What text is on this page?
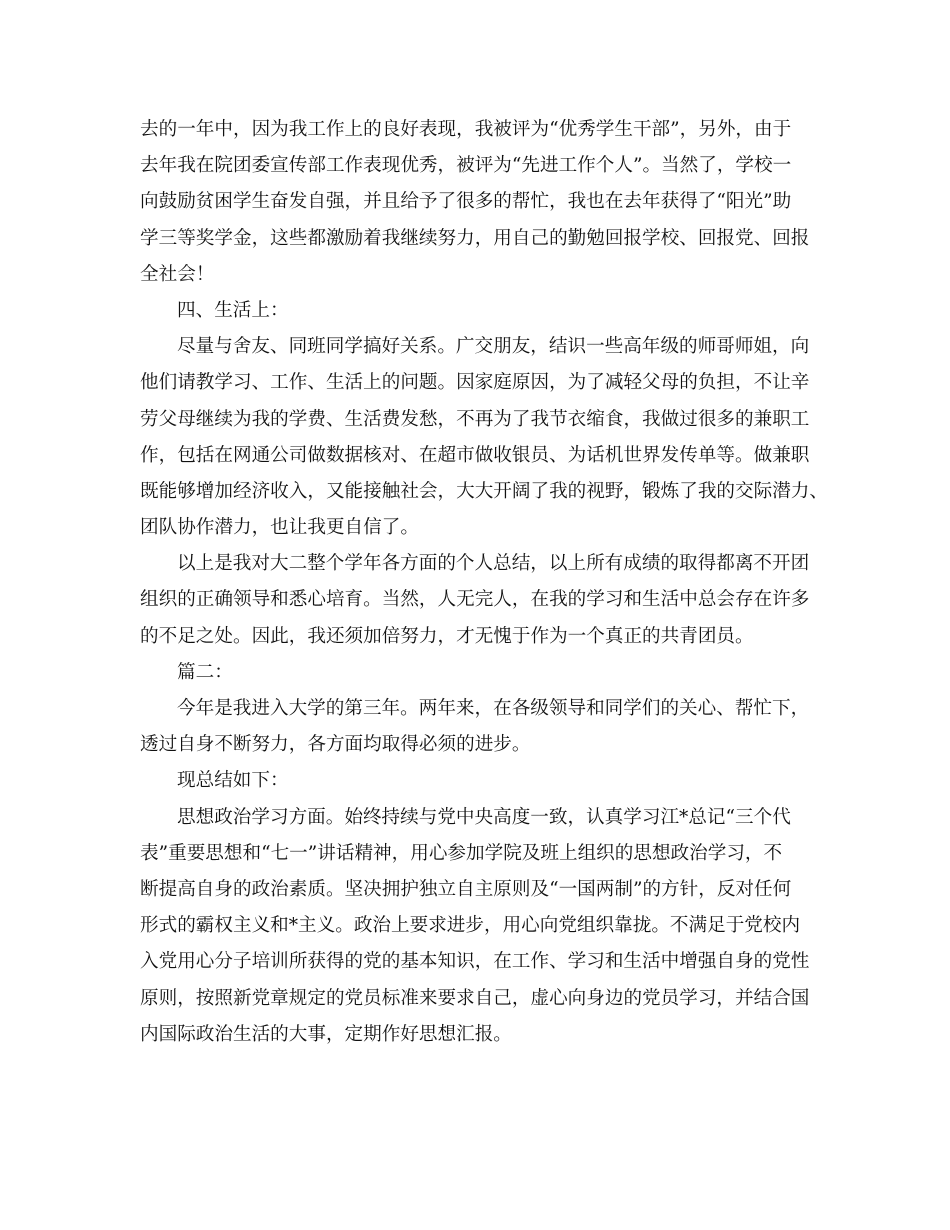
去的一年中，因为我工作上的良好表现，我被评为“优秀学生干部”，另外，由于
去年我在院团委宣传部工作表现优秀，被评为“先进工作个人”。当然了，学校一
向鼓励贫困学生奋发自强，并且给予了很多的帮忙，我也在去年获得了“阳光”助
学三等奖学金，这些都激励着我继续努力，用自己的勤勉回报学校、回报党、回报
全社会！
四、生活上：
尽量与舍友、同班同学搞好关系。广交朋友，结识一些高年级的师哥师姐，向
他们请教学习、工作、生活上的问题。因家庭原因，为了减轻父母的负担，不让辛
劳父母继续为我的学费、生活费发愁，不再为了我节衣缩食，我做过很多的兼职工
作，包括在网通公司做数据核对、在超市做收银员、为话机世界发传单等。做兼职
既能够增加经济收入，又能接触社会，大大开阔了我的视野，锻炼了我的交际潜力、
团队协作潜力，也让我更自信了。
以上是我对大二整个学年各方面的个人总结，以上所有成绩的取得都离不开团
组织的正确领导和悉心培育。当然，人无完人，在我的学习和生活中总会存在许多
的不足之处。因此，我还须加倍努力，才无愧于作为一个真正的共青团员。
篇二：
今年是我进入大学的第三年。两年来，在各级领导和同学们的关心、帮忙下，
透过自身不断努力，各方面均取得必须的进步。
现总结如下：
思想政治学习方面。始终持续与党中央高度一致，认真学习江*总记“三个代
表”重要思想和“七一”讲话精神，用心参加学院及班上组织的思想政治学习，不
断提高自身的政治素质。坚决拥护独立自主原则及“一国两制”的方针，反对任何
形式的霸权主义和*主义。政治上要求进步，用心向党组织靠拢。不满足于党校内
入党用心分子培训所获得的党的基本知识，在工作、学习和生活中增强自身的党性
原则，按照新党章规定的党员标准来要求自己，虚心向身边的党员学习，并结合国
内国际政治生活的大事，定期作好思想汇报。
